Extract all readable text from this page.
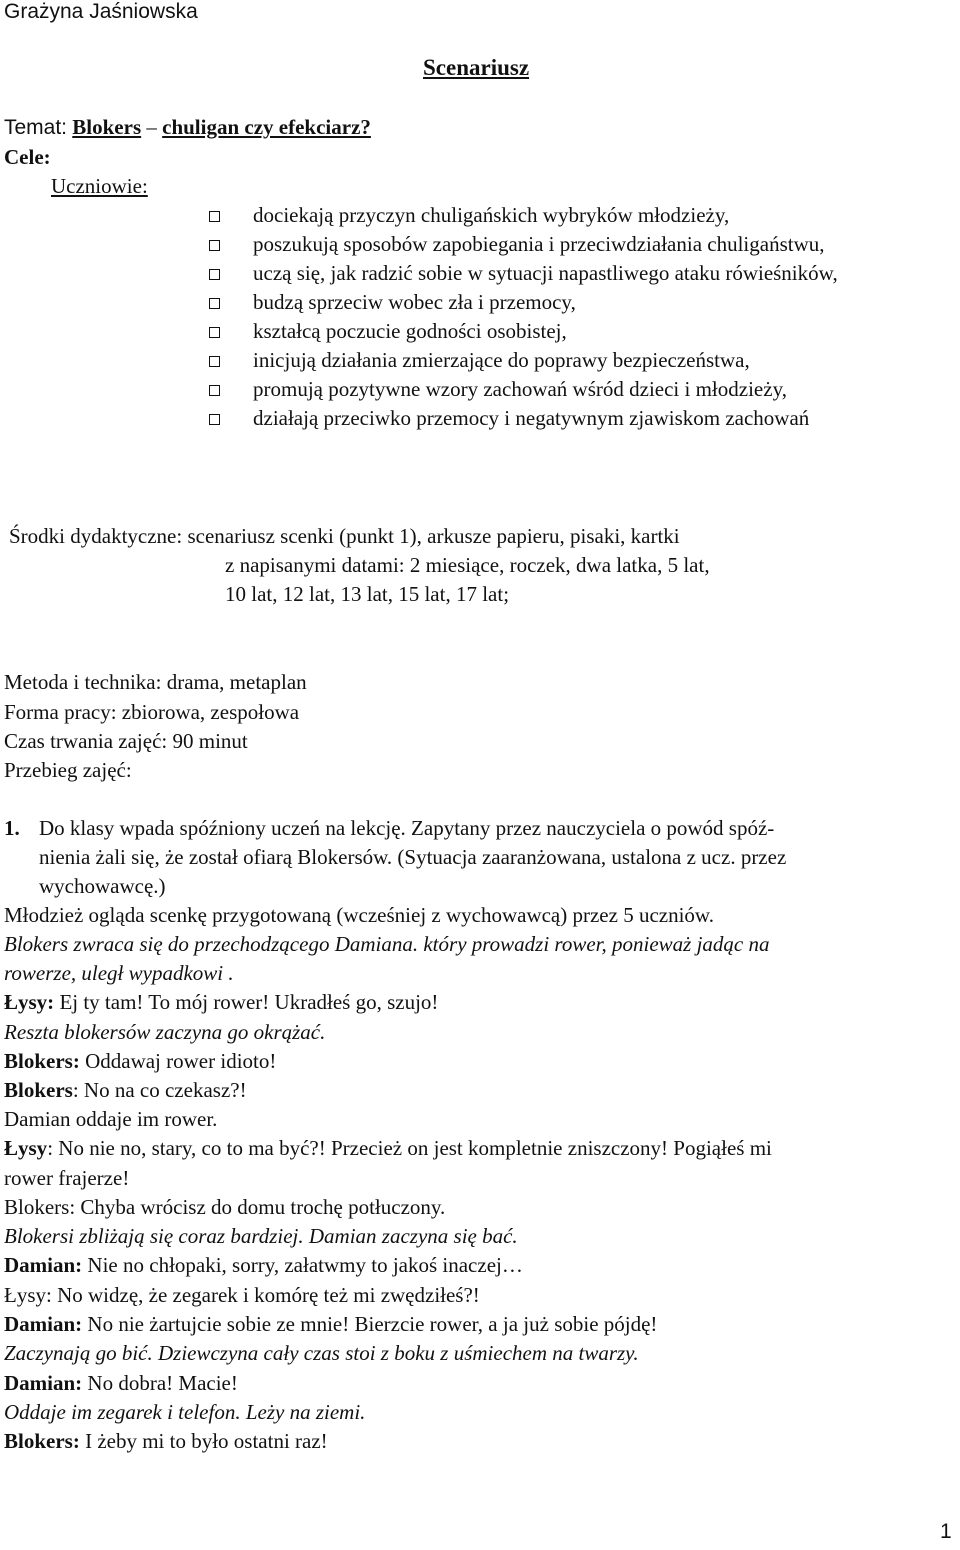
Grażyna Jaśniowska
Scenariusz
Temat: Blokers – chuligan czy efekciarz?
Cele:
Uczniowie:
dociekają przyczyn chuligańskich wybryków młodzieży,
poszukują sposobów zapobiegania i przeciwdziałania chuligaństwu,
uczą się, jak radzić sobie w sytuacji napastliwego ataku rówieśników,
budzą sprzeciw wobec zła i przemocy,
kształcą poczucie godności osobistej,
inicjują działania zmierzające do poprawy bezpieczeństwa,
promują pozytywne wzory zachowań wśród dzieci i młodzieży,
działają przeciwko przemocy i negatywnym zjawiskom zachowań
Środki dydaktyczne: scenariusz scenki (punkt 1), arkusze papieru, pisaki, kartki
z napisanymi datami: 2 miesiące, roczek, dwa latka, 5 lat,
10 lat, 12 lat, 13 lat, 15 lat, 17 lat;
Metoda i technika: drama, metaplan
Forma pracy: zbiorowa, zespołowa
Czas trwania zajęć: 90 minut
Przebieg zajęć:
1. Do klasy wpada spóźniony uczeń na lekcję. Zapytany przez nauczyciela o powód spóź-
nienia żali się, że został ofiarą Blokersów. (Sytuacja zaaranżowana, ustalona z ucz. przez
wychowawcę.)
Młodzież ogląda scenkę przygotowaną (wcześniej z wychowawcą) przez 5 uczniów.
Blokers zwraca się do przechodzącego Damiana. który prowadzi rower, ponieważ jadąc na
rowerze, uległ wypadkowi .
Łysy: Ej ty tam! To mój rower! Ukradłeś go, szujo!
Reszta blokersów zaczyna go okrążać.
Blokers: Oddawaj rower idioto!
Blokers: No na co czekasz?!
Damian oddaje im rower.
Łysy: No nie no, stary, co to ma być?! Przecież on jest kompletnie zniszczony! Pogiąłeś mi
rower frajerze!
Blokers: Chyba wrócisz do domu trochę potłuczony.
Blokersi zbliżają się coraz bardziej. Damian zaczyna się bać.
Damian: Nie no chłopaki, sorry, załatwmy to jakoś inaczej…
Łysy: No widzę, że zegarek i komórę też mi zwędziłeś?!
Damian: No nie żartujcie sobie ze mnie! Bierzcie rower, a ja już sobie pójdę!
Zaczynają go bić. Dziewczyna cały czas stoi z boku z uśmiechem na twarzy.
Damian: No dobra! Macie!
Oddaje im zegarek i telefon. Leży na ziemi.
Blokers: I żeby mi to było ostatni raz!
1
